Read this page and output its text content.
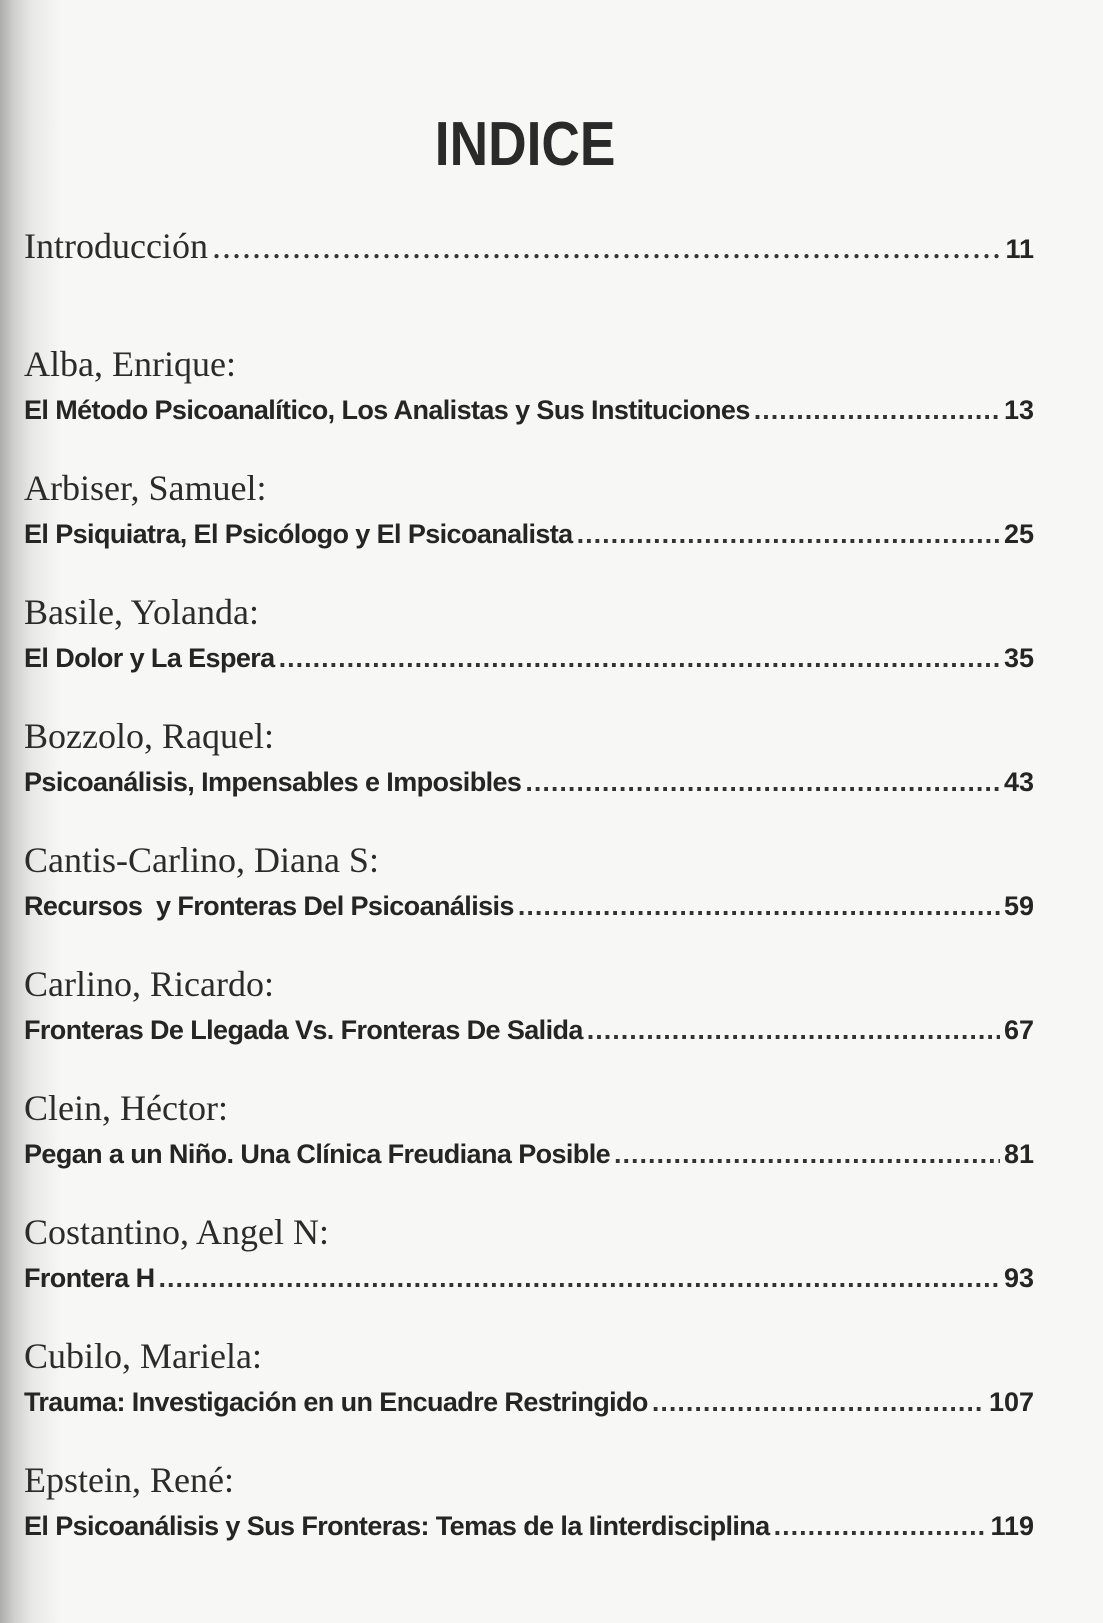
INDICE
Introducción .....	11
Alba, Enrique:
El Método Psicoanalítico, Los Analistas y Sus Instituciones .....	13
Arbiser, Samuel:
El Psiquiatra, El Psicólogo y El Psicoanalista .....	25
Basile, Yolanda:
El Dolor y La Espera .....	35
Bozzolo, Raquel:
Psicoanálisis, Impensables e Imposibles .....	43
Cantis-Carlino, Diana S:
Recursos  y Fronteras Del Psicoanálisis .....	59
Carlino, Ricardo:
Fronteras De Llegada Vs. Fronteras De Salida .....	67
Clein, Héctor:
Pegan a un Niño. Una Clínica Freudiana Posible .....	81
Costantino, Angel N:
Frontera H .....	93
Cubilo, Mariela:
Trauma: Investigación en un Encuadre Restringido .....	107
Epstein, René:
El Psicoanálisis y Sus Fronteras: Temas de la Iinterdisciplina .....	119
